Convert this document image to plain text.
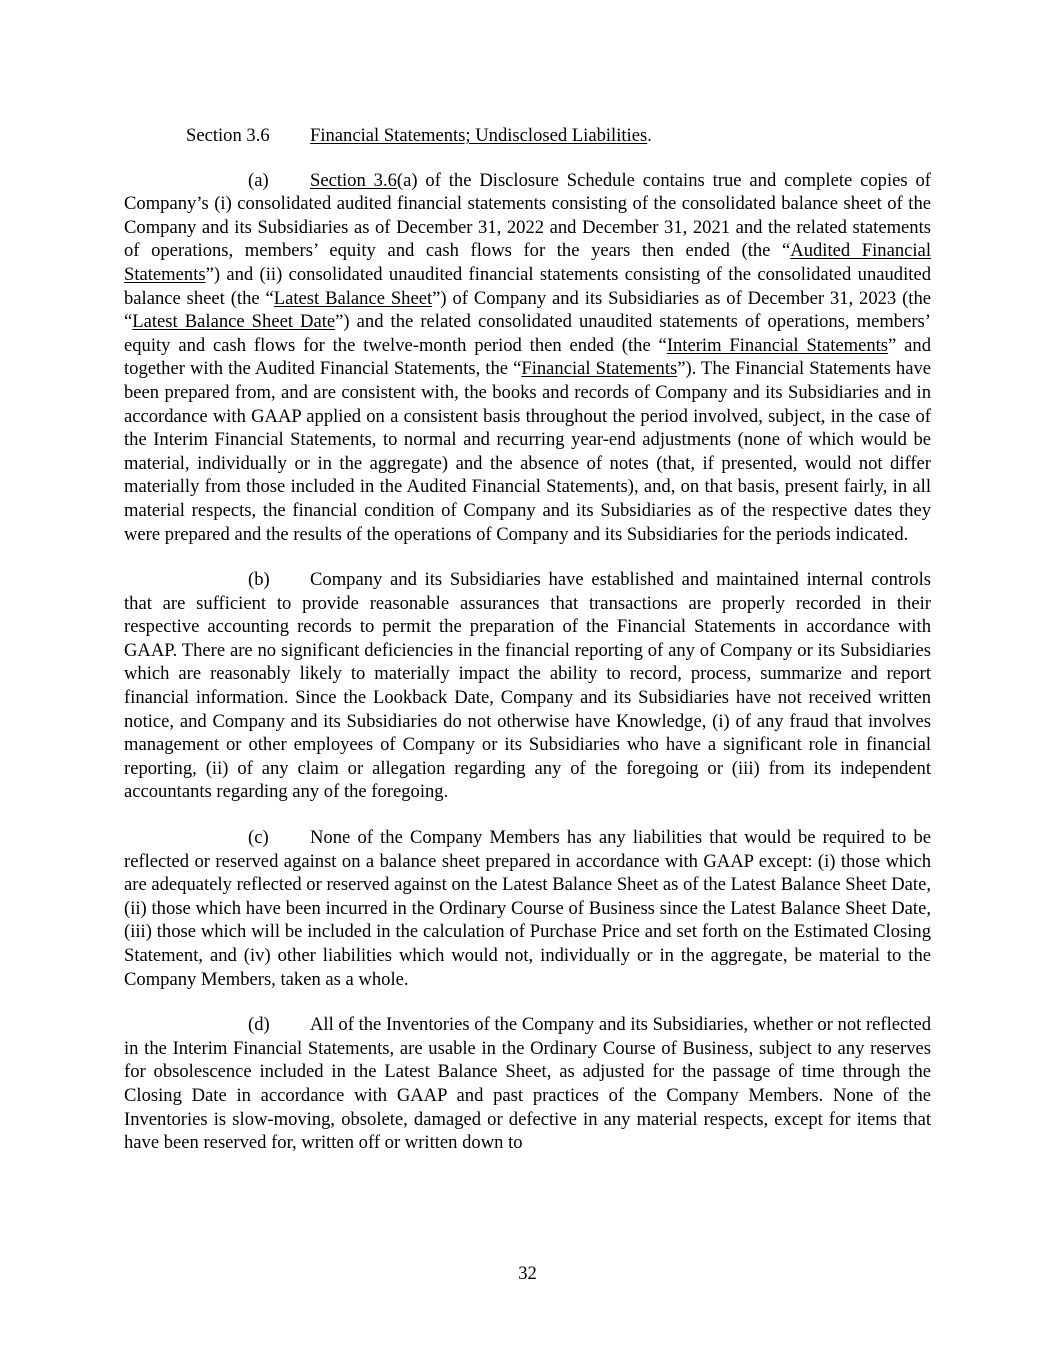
Section 3.6 Financial Statements; Undisclosed Liabilities.

(a) Section 3.6(a) of the Disclosure Schedule contains true and complete copies of Company’s (i) consolidated audited financial statements consisting of the consolidated balance sheet of the Company and its Subsidiaries as of December 31, 2022 and December 31, 2021 and the related statements of operations, members’ equity and cash flows for the years then ended (the “Audited Financial Statements”) and (ii) consolidated unaudited financial statements consisting of the consolidated unaudited balance sheet (the “Latest Balance Sheet”) of Company and its Subsidiaries as of December 31, 2023 (the “Latest Balance Sheet Date”) and the related consolidated unaudited statements of operations, members’ equity and cash flows for the twelve-month period then ended (the “Interim Financial Statements” and together with the Audited Financial Statements, the “Financial Statements”). The Financial Statements have been prepared from, and are consistent with, the books and records of Company and its Subsidiaries and in accordance with GAAP applied on a consistent basis throughout the period involved, subject, in the case of the Interim Financial Statements, to normal and recurring year-end adjustments (none of which would be material, individually or in the aggregate) and the absence of notes (that, if presented, would not differ materially from those included in the Audited Financial Statements), and, on that basis, present fairly, in all material respects, the financial condition of Company and its Subsidiaries as of the respective dates they were prepared and the results of the operations of Company and its Subsidiaries for the periods indicated.

(b) Company and its Subsidiaries have established and maintained internal controls that are sufficient to provide reasonable assurances that transactions are properly recorded in their respective accounting records to permit the preparation of the Financial Statements in accordance with GAAP. There are no significant deficiencies in the financial reporting of any of Company or its Subsidiaries which are reasonably likely to materially impact the ability to record, process, summarize and report financial information. Since the Lookback Date, Company and its Subsidiaries have not received written notice, and Company and its Subsidiaries do not otherwise have Knowledge, (i) of any fraud that involves management or other employees of Company or its Subsidiaries who have a significant role in financial reporting, (ii) of any claim or allegation regarding any of the foregoing or (iii) from its independent accountants regarding any of the foregoing.

(c) None of the Company Members has any liabilities that would be required to be reflected or reserved against on a balance sheet prepared in accordance with GAAP except: (i) those which are adequately reflected or reserved against on the Latest Balance Sheet as of the Latest Balance Sheet Date, (ii) those which have been incurred in the Ordinary Course of Business since the Latest Balance Sheet Date, (iii) those which will be included in the calculation of Purchase Price and set forth on the Estimated Closing Statement, and (iv) other liabilities which would not, individually or in the aggregate, be material to the Company Members, taken as a whole.

(d) All of the Inventories of the Company and its Subsidiaries, whether or not reflected in the Interim Financial Statements, are usable in the Ordinary Course of Business, subject to any reserves for obsolescence included in the Latest Balance Sheet, as adjusted for the passage of time through the Closing Date in accordance with GAAP and past practices of the Company Members. None of the Inventories is slow-moving, obsolete, damaged or defective in any material respects, except for items that have been reserved for, written off or written down to

32
